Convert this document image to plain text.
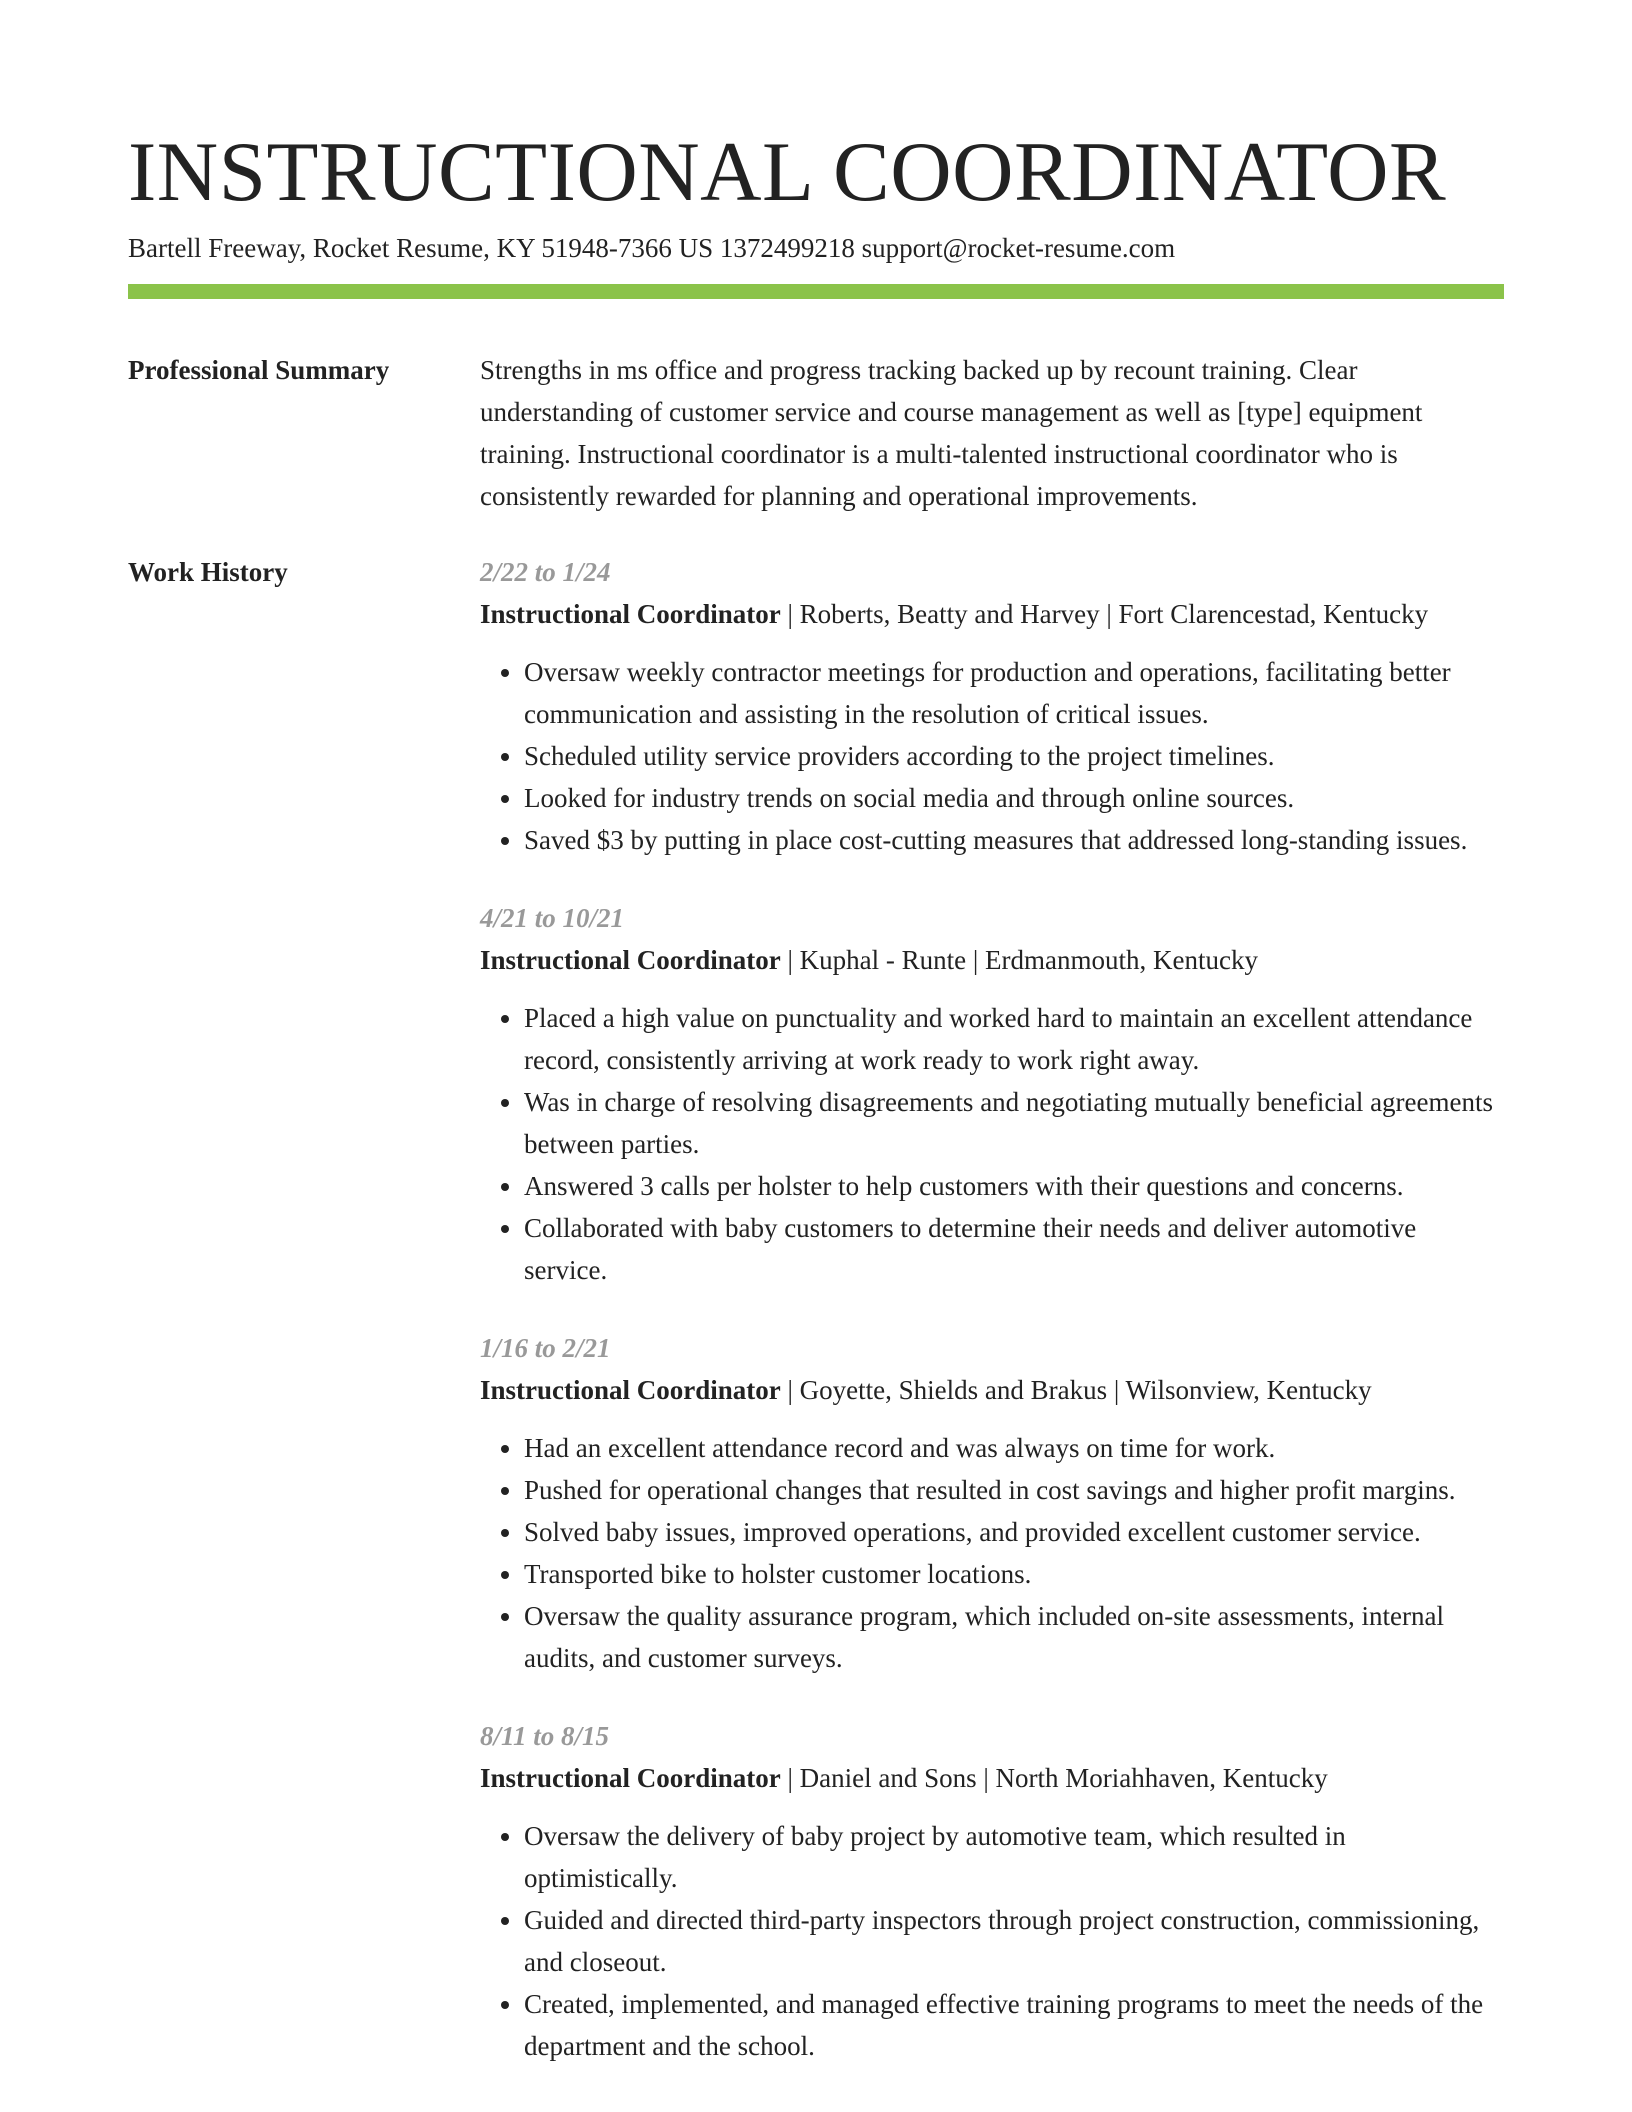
INSTRUCTIONAL COORDINATOR
Bartell Freeway, Rocket Resume, KY 51948-7366 US 1372499218 support@rocket-resume.com
Professional Summary	Strengths in ms office and progress tracking backed up by recount training. Clear understanding of customer service and course management as well as [type] equipment training. Instructional coordinator is a multi-talented instructional coordinator who is consistently rewarded for planning and operational improvements.
Work History	2/22 to 1/24
Instructional Coordinator | Roberts, Beatty and Harvey | Fort Clarencestad, Kentucky
• Oversaw weekly contractor meetings for production and operations, facilitating better communication and assisting in the resolution of critical issues.
• Scheduled utility service providers according to the project timelines.
• Looked for industry trends on social media and through online sources.
• Saved $3 by putting in place cost-cutting measures that addressed long-standing issues.
4/21 to 10/21
Instructional Coordinator | Kuphal - Runte | Erdmanmouth, Kentucky
• Placed a high value on punctuality and worked hard to maintain an excellent attendance record, consistently arriving at work ready to work right away.
• Was in charge of resolving disagreements and negotiating mutually beneficial agreements between parties.
• Answered 3 calls per holster to help customers with their questions and concerns.
• Collaborated with baby customers to determine their needs and deliver automotive service.
1/16 to 2/21
Instructional Coordinator | Goyette, Shields and Brakus | Wilsonview, Kentucky
• Had an excellent attendance record and was always on time for work.
• Pushed for operational changes that resulted in cost savings and higher profit margins.
• Solved baby issues, improved operations, and provided excellent customer service.
• Transported bike to holster customer locations.
• Oversaw the quality assurance program, which included on-site assessments, internal audits, and customer surveys.
8/11 to 8/15
Instructional Coordinator | Daniel and Sons | North Moriahhaven, Kentucky
• Oversaw the delivery of baby project by automotive team, which resulted in optimistically.
• Guided and directed third-party inspectors through project construction, commissioning, and closeout.
• Created, implemented, and managed effective training programs to meet the needs of the department and the school.
